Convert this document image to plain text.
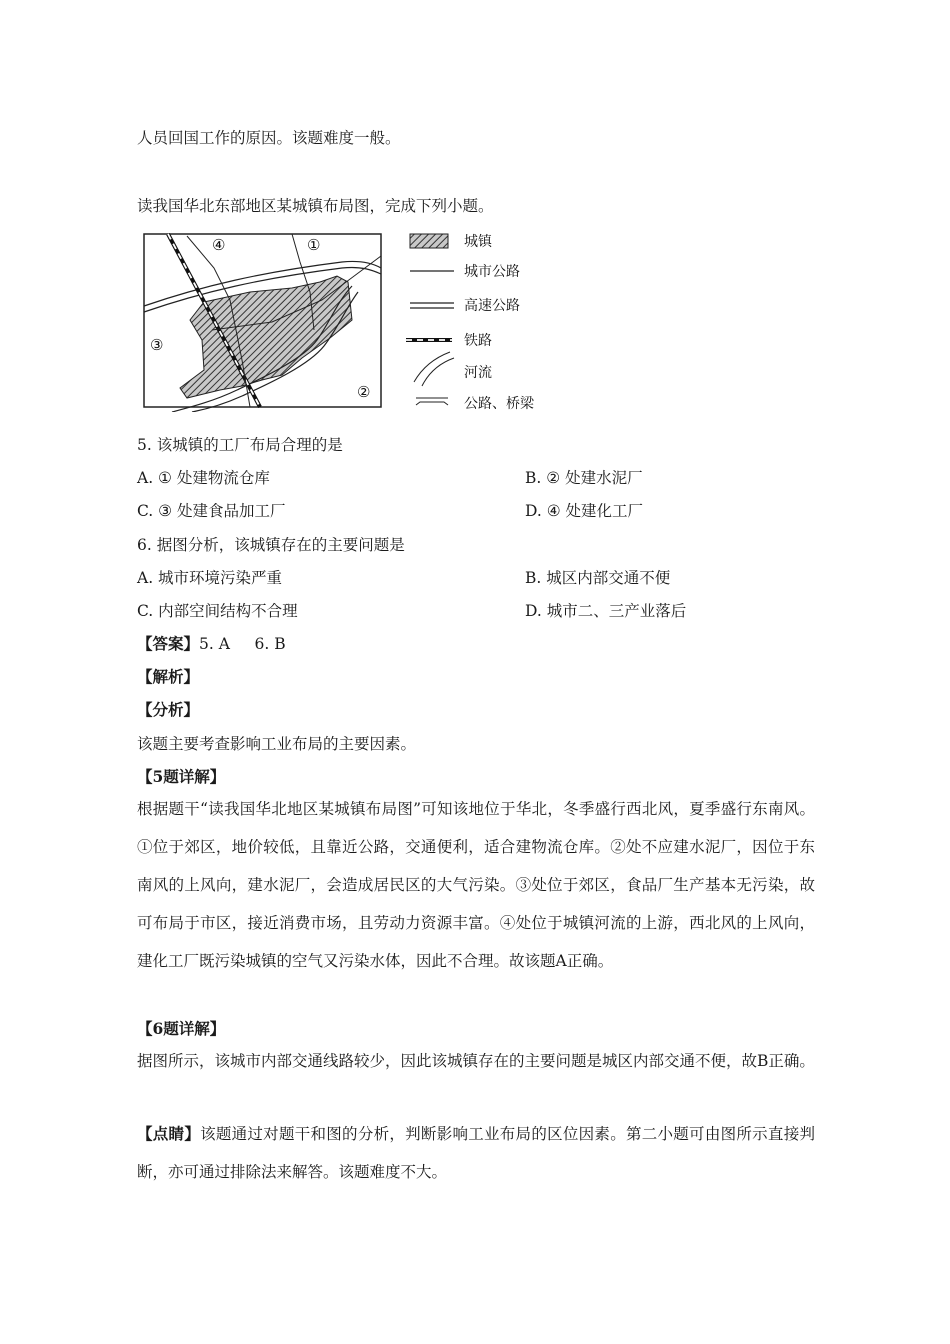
人员回国工作的原因。该题难度一般。
读我国华北东部地区某城镇布局图，完成下列小题。
①
②
③
④	城镇
城市公路
高速公路
铁路
河流
公路、桥梁
5. 该城镇的工厂布局合理的是
A. ① 处建物流仓库	B. ② 处建水泥厂
C. ③ 处建食品加工厂	D. ④ 处建化工厂
6. 据图分析，该城镇存在的主要问题是
A. 城市环境污染严重	B. 城区内部交通不便
C. 内部空间结构不合理	D. 城市二、三产业落后
【答案】5. A     6. B
【解析】
【分析】
该题主要考查影响工业布局的主要因素。
【5题详解】
根据题干“读我国华北地区某城镇布局图”可知该地位于华北，冬季盛行西北风，夏季盛行东南风。①位于郊区，地价较低，且靠近公路，交通便利，适合建物流仓库。②处不应建水泥厂，因位于东南风的上风向，建水泥厂，会造成居民区的大气污染。③处位于郊区，食品厂生产基本无污染，故可布局于市区，接近消费市场，且劳动力资源丰富。④处位于城镇河流的上游，西北风的上风向，建化工厂既污染城镇的空气又污染水体，因此不合理。故该题A正确。
【6题详解】
据图所示，该城市内部交通线路较少，因此该城镇存在的主要问题是城区内部交通不便，故B正确。
【点睛】该题通过对题干和图的分析，判断影响工业布局的区位因素。第二小题可由图所示直接判断，亦可通过排除法来解答。该题难度不大。
